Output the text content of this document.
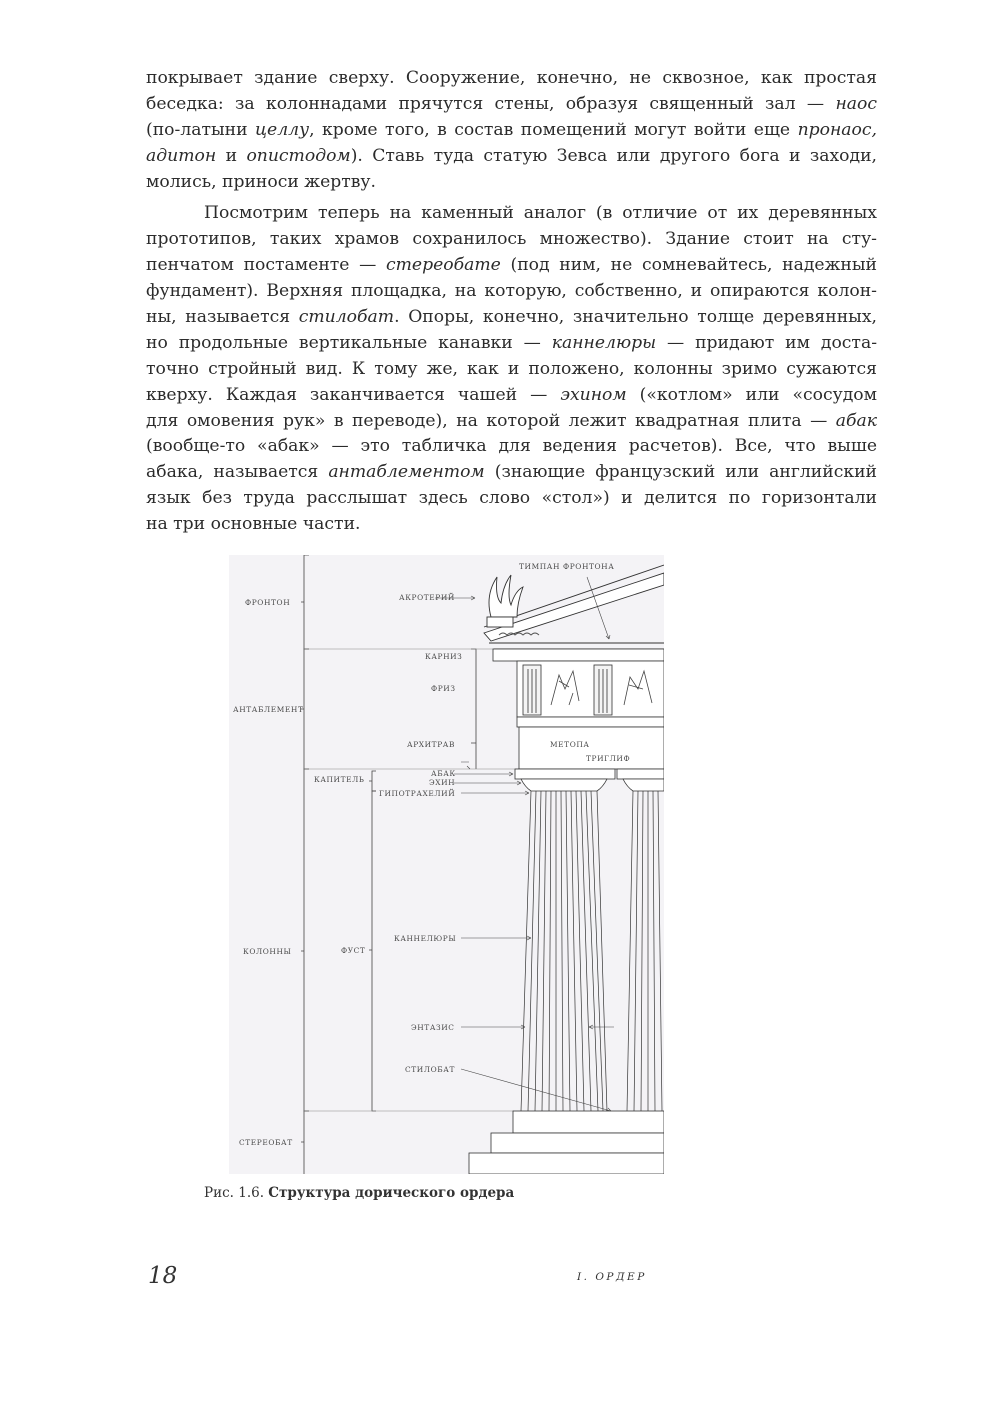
покрывает здание сверху. Сооружение, конечно, не сквозное, как простая
беседка: за колоннадами прячутся стены, образуя священный зал — наос
(по-латыни целлу, кроме того, в состав помещений могут войти еще пронаос,
адитон и опистодом). Ставь туда статую Зевса или другого бога и заходи,
молись, приноси жертву.
Посмотрим теперь на каменный аналог (в отличие от их деревянных
прототипов, таких храмов сохранилось множество). Здание стоит на сту-
пенчатом постаменте — стереобате (под ним, не сомневайтесь, надежный
фундамент). Верхняя площадка, на которую, собственно, и опираются колон-
ны, называется стилобат. Опоры, конечно, значительно толще деревянных,
но продольные вертикальные канавки — каннелюры — придают им доста-
точно стройный вид. К тому же, как и положено, колонны зримо сужаются
кверху. Каждая заканчивается чашей — эхином («котлом» или «сосудом
для омовения рук» в переводе), на которой лежит квадратная плита — абак
(вообще-то «абак» — это табличка для ведения расчетов). Все, что выше
абака, называется антаблементом (знающие французский или английский
язык без труда расслышат здесь слово «стол») и делится по горизонтали
на три основные части.
ФРОНТОН
АНТАБЛЕМЕНТ
КОЛОННЫ
СТЕРЕОБАТ
КАПИТЕЛЬ
ФУСТ
ТИМПАН ФРОНТОНА
АКРОТЕРИЙ
КАРНИЗ
ФРИЗ
АРХИТРАВ	МЕТОПА
ТРИГЛИФ
АБАК
ЭХИН
ГИПОТРАХЕЛИЙ
КАННЕЛЮРЫ
ЭНТАЗИС
СТИЛОБАТ
Рис. 1.6. Структура дорического ордера
18	I. ОРДЕР
